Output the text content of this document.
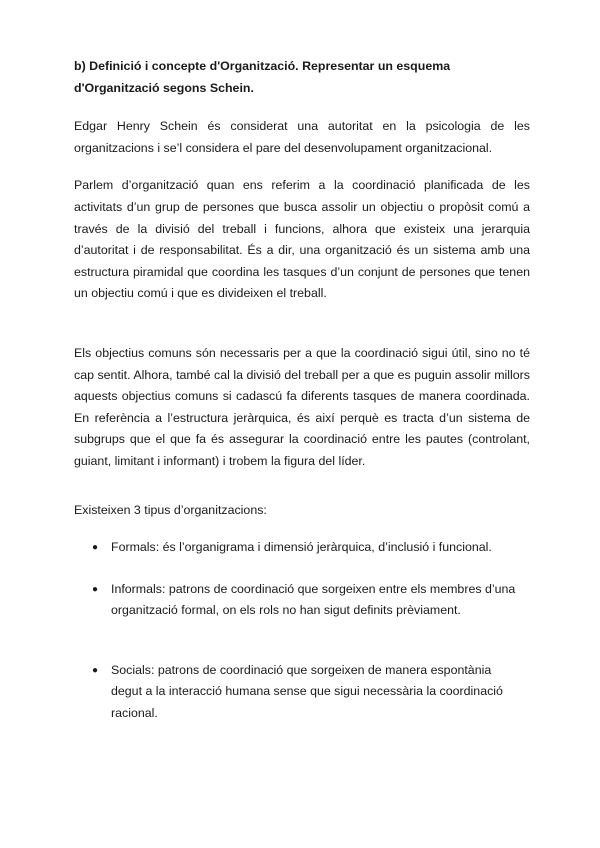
b) Definició i concepte d'Organització. Representar un esquema d'Organització segons Schein.

Edgar Henry Schein és considerat una autoritat en la psicologia de les organitzacions i se’l considera el pare del desenvolupament organitzacional.

Parlem d’organització quan ens referim a la coordinació planificada de les activitats d’un grup de persones que busca assolir un objectiu o propòsit comú a través de la divisió del treball i funcions, alhora que existeix una jerarquia d’autoritat i de responsabilitat. És a dir, una organització és un sistema amb una estructura piramidal que coordina les tasques d’un conjunt de persones que tenen un objectiu comú i que es divideixen el treball.

Els objectius comuns són necessaris per a que la coordinació sigui útil, sino no té cap sentit. Alhora, també cal la divisió del treball per a que es puguin assolir millors aquests objectius comuns si cadascú fa diferents tasques de manera coordinada. En referència a l’estructura jeràrquica, és així perquè es tracta d’un sistema de subgrups que el que fa és assegurar la coordinació entre les pautes (controlant, guiant, limitant i informant) i trobem la figura del líder.

Existeixen 3 tipus d’organitzacions:

● Formals: és l’organigrama i dimensió jeràrquica, d’inclusió i funcional.
● Informals: patrons de coordinació que sorgeixen entre els membres d’una organització formal, on els rols no han sigut definits prèviament.
● Socials: patrons de coordinació que sorgeixen de manera espontània degut a la interacció humana sense que sigui necessària la coordinació racional.
